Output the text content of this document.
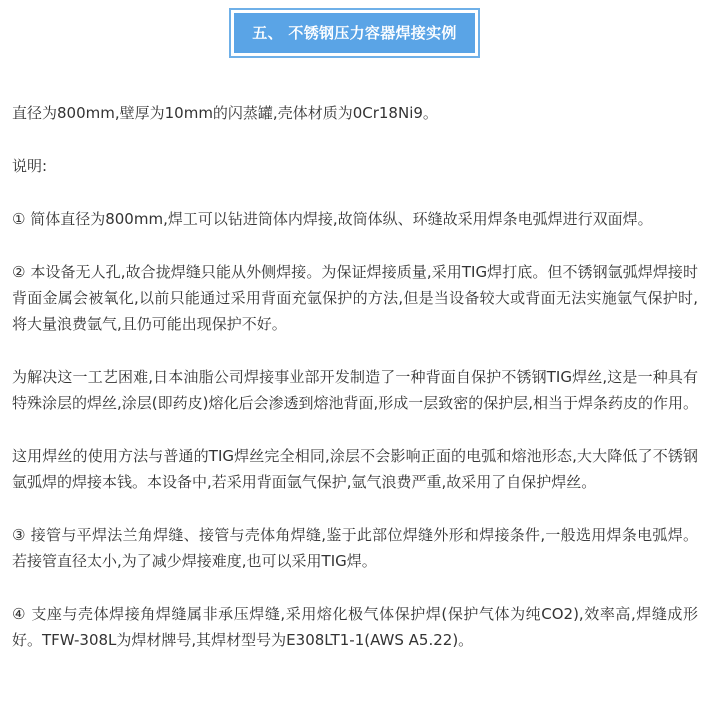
五、 不锈钢压力容器焊接实例

直径为800mm,壁厚为10mm的闪蒸罐,壳体材质为0Cr18Ni9。

说明:

① 简体直径为800mm,焊工可以钻进筒体内焊接,故筒体纵、环缝故采用焊条电弧焊进行双面焊。

② 本设备无人孔,故合拢焊缝只能从外侧焊接。为保证焊接质量,采用TIG焊打底。但不锈钢氩弧焊焊接时背面金属会被氧化,以前只能通过采用背面充氩保护的方法,但是当设备较大或背面无法实施氩气保护时,将大量浪费氩气,且仍可能出现保护不好。

为解决这一工艺困难,日本油脂公司焊接事业部开发制造了一种背面自保护不锈钢TIG焊丝,这是一种具有特殊涂层的焊丝,涂层(即药皮)熔化后会渗透到熔池背面,形成一层致密的保护层,相当于焊条药皮的作用。

这用焊丝的使用方法与普通的TIG焊丝完全相同,涂层不会影响正面的电弧和熔池形态,大大降低了不锈钢氩弧焊的焊接本钱。本设备中,若采用背面氩气保护,氩气浪费严重,故采用了自保护焊丝。

③ 接管与平焊法兰角焊缝、接管与壳体角焊缝,鉴于此部位焊缝外形和焊接条件,一般选用焊条电弧焊。若接管直径太小,为了减少焊接难度,也可以采用TIG焊。

④ 支座与壳体焊接角焊缝属非承压焊缝,采用熔化极气体保护焊(保护气体为纯CO2),效率高,焊缝成形好。TFW-308L为焊材牌号,其焊材型号为E308LT1-1(AWS A5.22)。
